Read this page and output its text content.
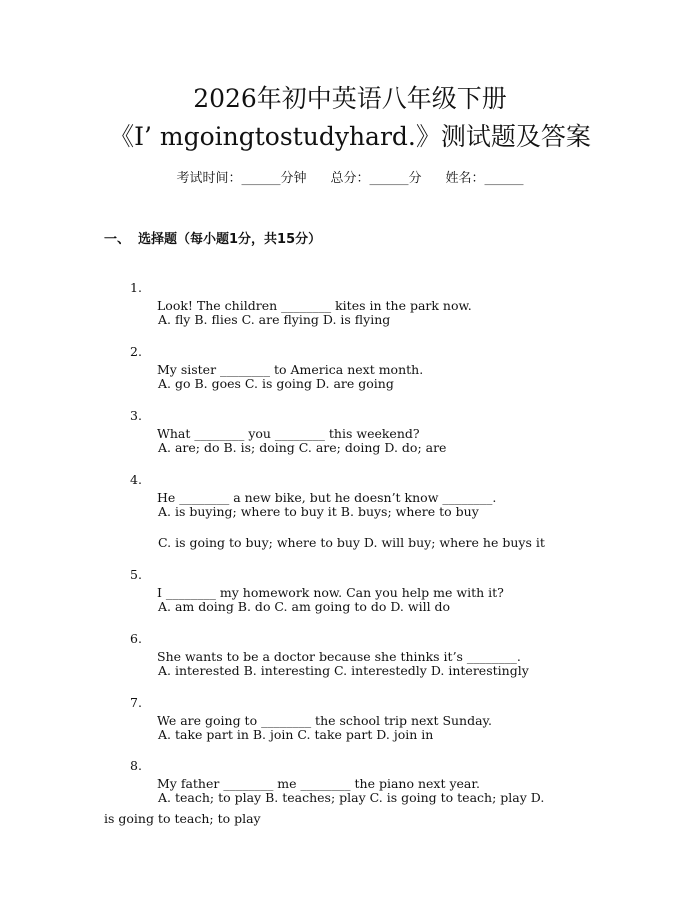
2026年初中英语八年级下册
《I’ mgoingtostudyhard.》测试题及答案
考试时间：______分钟 总分：______分 姓名：______
一、 选择题（每小题1分，共15分）

1.

Look! The children ________ kites in the park now.

A. fly B. flies C. are flying D. is flying

2.

My sister ________ to America next month.

A. go B. goes C. is going D. are going

3.

What ________ you ________ this weekend?

A. are; do B. is; doing C. are; doing D. do; are

4.

He ________ a new bike, but he doesn’t know ________.

A. is buying; where to buy it B. buys; where to buy

C. is going to buy; where to buy D. will buy; where he buys it

5.

I ________ my homework now. Can you help me with it?

A. am doing B. do C. am going to do D. will do

6.

She wants to be a doctor because she thinks it’s ________.

A. interested B. interesting C. interestedly D. interestingly

7.

We are going to ________ the school trip next Sunday.

A. take part in B. join C. take part D. join in

8.

My father ________ me ________ the piano next year.

A. teach; to play B. teaches; play C. is going to teach; play D.

is going to teach; to play
